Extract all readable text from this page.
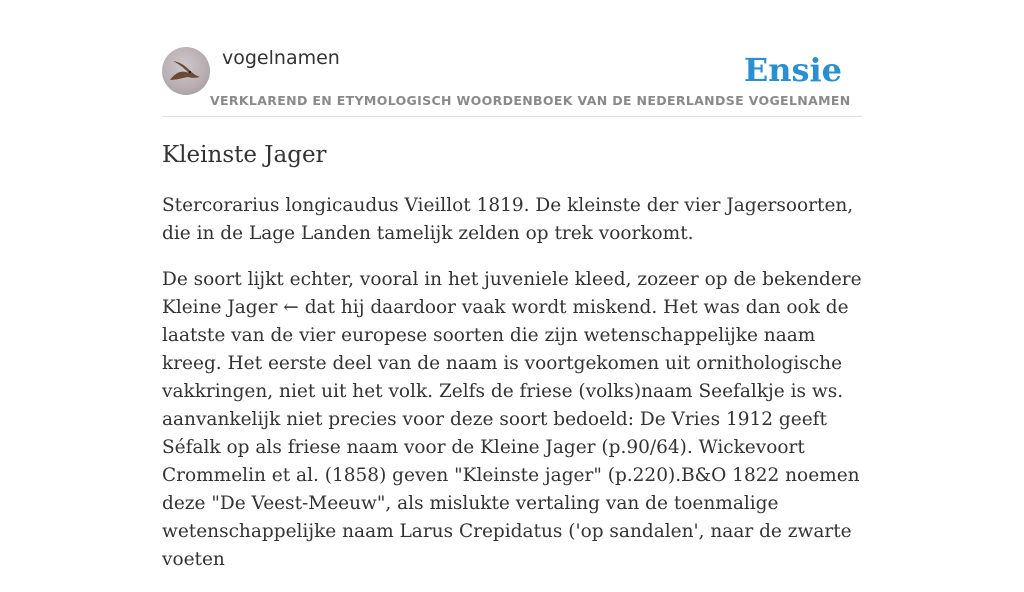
vogelnamen
VERKLAREND EN ETYMOLOGISCH WOORDENBOEK VAN DE NEDERLANDSE VOGELNAMEN
Ensie
Kleinste Jager

Stercorarius longicaudus Vieillot 1819. De kleinste der vier Jagersoorten, die in de Lage Landen tamelijk zelden op trek voorkomt.

De soort lijkt echter, vooral in het juveniele kleed, zozeer op de bekendere Kleine Jager ← dat hij daardoor vaak wordt miskend. Het was dan ook de laatste van de vier europese soorten die zijn wetenschappelijke naam kreeg. Het eerste deel van de naam is voortgekomen uit ornithologische vakkringen, niet uit het volk. Zelfs de friese (volks)naam Seefalkje is ws. aanvankelijk niet precies voor deze soort bedoeld: De Vries 1912 geeft Séfalk op als friese naam voor de Kleine Jager (p.90/64). Wickevoort Crommelin et al. (1858) geven "Kleinste jager" (p.220).B&O 1822 noemen deze "De Veest-Meeuw", als mislukte vertaling van de toenmalige wetenschappelijke naam Larus Crepidatus ('op sandalen', naar de zwarte voeten
